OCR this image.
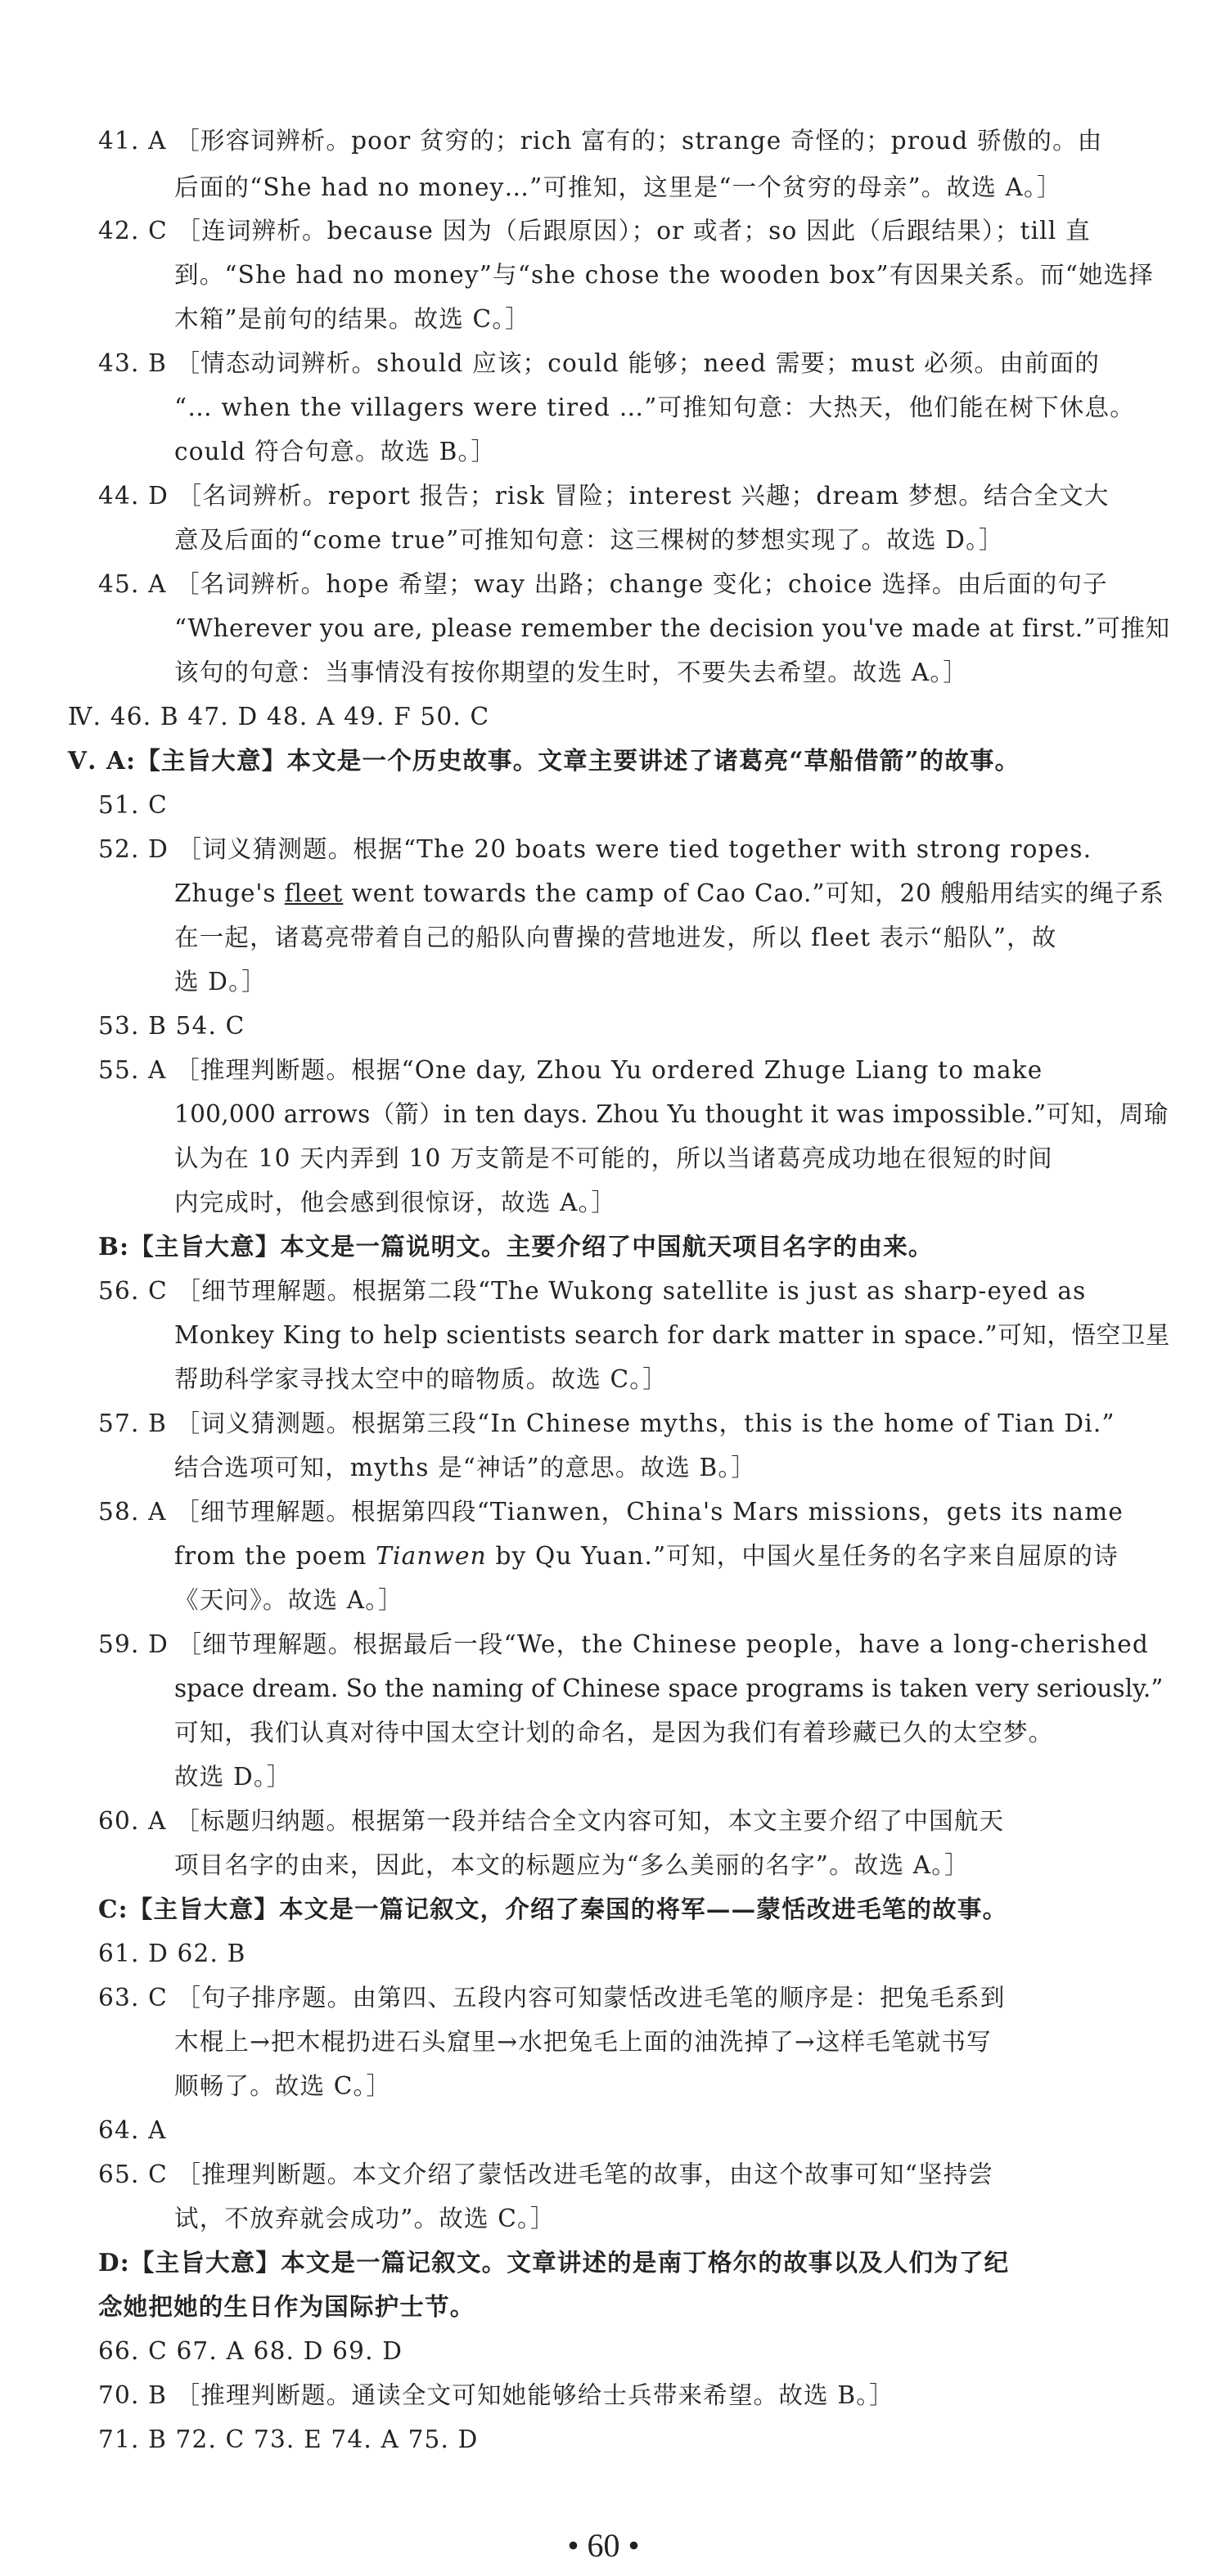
41. A ［形容词辨析。poor 贫穷的；rich 富有的；strange 奇怪的；proud 骄傲的。由
后面的“She had no money…”可推知，这里是“一个贫穷的母亲”。故选 A。］
42. C ［连词辨析。because 因为（后跟原因）；or 或者；so 因此（后跟结果）；till 直
到。“She had no money”与“she chose the wooden box”有因果关系。而“她选择
木箱”是前句的结果。故选 C。］
43. B ［情态动词辨析。should 应该；could 能够；need 需要；must 必须。由前面的
“… when the villagers were tired …”可推知句意：大热天，他们能在树下休息。
could 符合句意。故选 B。］
44. D ［名词辨析。report 报告；risk 冒险；interest 兴趣；dream 梦想。结合全文大
意及后面的“come true”可推知句意：这三棵树的梦想实现了。故选 D。］
45. A ［名词辨析。hope 希望；way 出路；change 变化；choice 选择。由后面的句子
“Wherever you are, please remember the decision you've made at first.”可推知
该句的句意：当事情没有按你期望的发生时，不要失去希望。故选 A。］
Ⅳ. 46. B 47. D 48. A 49. F 50. C
Ⅴ. A:【主旨大意】本文是一个历史故事。文章主要讲述了诸葛亮“草船借箭”的故事。
51. C
52. D ［词义猜测题。根据“The 20 boats were tied together with strong ropes.
Zhuge's fleet went towards the camp of Cao Cao.”可知，20 艘船用结实的绳子系
在一起，诸葛亮带着自己的船队向曹操的营地进发，所以 fleet 表示“船队”，故
选 D。］
53. B 54. C
55. A ［推理判断题。根据“One day, Zhou Yu ordered Zhuge Liang to make
100,000 arrows（箭）in ten days. Zhou Yu thought it was impossible.”可知，周瑜
认为在 10 天内弄到 10 万支箭是不可能的，所以当诸葛亮成功地在很短的时间
内完成时，他会感到很惊讶，故选 A。］
B:【主旨大意】本文是一篇说明文。主要介绍了中国航天项目名字的由来。
56. C ［细节理解题。根据第二段“The Wukong satellite is just as sharp-eyed as
Monkey King to help scientists search for dark matter in space.”可知，悟空卫星
帮助科学家寻找太空中的暗物质。故选 C。］
57. B ［词义猜测题。根据第三段“In Chinese myths，this is the home of Tian Di.”
结合选项可知，myths 是“神话”的意思。故选 B。］
58. A ［细节理解题。根据第四段“Tianwen，China's Mars missions，gets its name
from the poem Tianwen by Qu Yuan.”可知，中国火星任务的名字来自屈原的诗
《天问》。故选 A。］
59. D ［细节理解题。根据最后一段“We，the Chinese people，have a long-cherished
space dream. So the naming of Chinese space programs is taken very seriously.”
可知，我们认真对待中国太空计划的命名，是因为我们有着珍藏已久的太空梦。
故选 D。］
60. A ［标题归纳题。根据第一段并结合全文内容可知，本文主要介绍了中国航天
项目名字的由来，因此，本文的标题应为“多么美丽的名字”。故选 A。］
C:【主旨大意】本文是一篇记叙文，介绍了秦国的将军——蒙恬改进毛笔的故事。
61. D 62. B
63. C ［句子排序题。由第四、五段内容可知蒙恬改进毛笔的顺序是：把兔毛系到
木棍上→把木棍扔进石头窟里→水把兔毛上面的油洗掉了→这样毛笔就书写
顺畅了。故选 C。］
64. A
65. C ［推理判断题。本文介绍了蒙恬改进毛笔的故事，由这个故事可知“坚持尝
试，不放弃就会成功”。故选 C。］
D:【主旨大意】本文是一篇记叙文。文章讲述的是南丁格尔的故事以及人们为了纪
念她把她的生日作为国际护士节。
66. C 67. A 68. D 69. D
70. B ［推理判断题。通读全文可知她能够给士兵带来希望。故选 B。］
71. B 72. C 73. E 74. A 75. D
• 60 •
